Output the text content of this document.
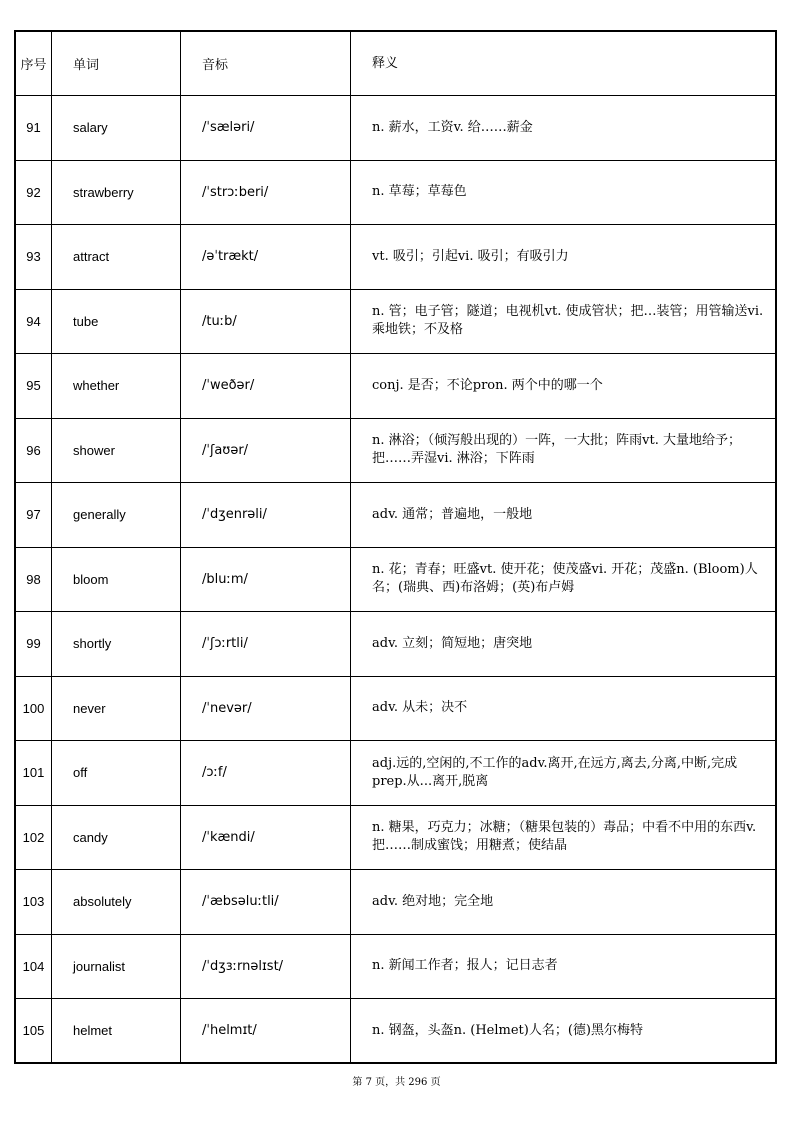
序号	单词	音标	释义
91	salary	/ˈsæləri/	n. 薪水，工资v. 给……薪金
92	strawberry	/ˈstrɔːberi/	n. 草莓；草莓色
93	attract	/əˈtrækt/	vt. 吸引；引起vi. 吸引；有吸引力
94	tube	/tuːb/	n. 管；电子管；隧道；电视机vt. 使成管状；把…装管；用管输送vi. 乘地铁；不及格
95	whether	/ˈweðər/	conj. 是否；不论pron. 两个中的哪一个
96	shower	/ˈʃaʊər/	n. 淋浴；（倾泻般出现的）一阵，一大批；阵雨vt. 大量地给予；把……弄湿vi. 淋浴；下阵雨
97	generally	/ˈdʒenrəli/	adv. 通常；普遍地，一般地
98	bloom	/bluːm/	n. 花；青春；旺盛vt. 使开花；使茂盛vi. 开花；茂盛n. (Bloom)人名；(瑞典、西)布洛姆；(英)布卢姆
99	shortly	/ˈʃɔːrtli/	adv. 立刻；简短地；唐突地
100	never	/ˈnevər/	adv. 从未；决不
101	off	/ɔːf/	adj.远的,空闲的,不工作的adv.离开,在远方,离去,分离,中断,完成 prep.从...离开,脱离
102	candy	/ˈkændi/	n. 糖果，巧克力；冰糖；（糖果包装的）毒品；中看不中用的东西v. 把……制成蜜饯；用糖煮；使结晶
103	absolutely	/ˈæbsəluːtli/	adv. 绝对地；完全地
104	journalist	/ˈdʒɜːrnəlɪst/	n. 新闻工作者；报人；记日志者
105	helmet	/ˈhelmɪt/	n. 钢盔，头盔n. (Helmet)人名；(德)黑尔梅特
第 7 页，共 296 页
